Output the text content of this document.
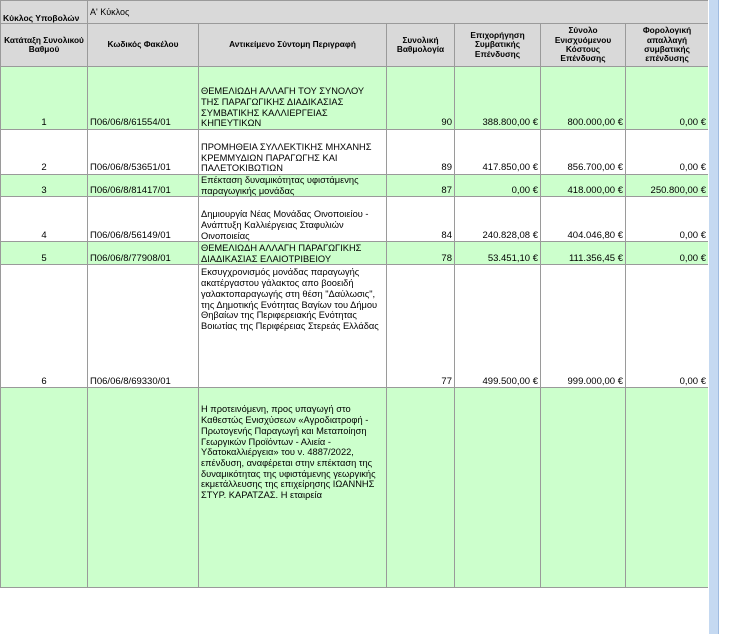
Κύκλος Υποβολών	Α' Κύκλος					
Κατάταξη Συνολικού Βαθμού	Κωδικός Φακέλου	Αντικείμενο Σύντομη Περιγραφή	Συνολική Βαθμολογία	Επιχορήγηση Συμβατικής Επένδυσης	Σύνολο Ενισχυόμενου Κόστους Επένδυσης	Φορολογική απαλλαγή συμβατικής επένδυσης
1	Π06/06/8/61554/01	ΘΕΜΕΛΙΩΔΗ ΑΛΛΑΓΗ ΤΟΥ ΣΥΝΟΛΟΥ ΤΗΣ ΠΑΡΑΓΩΓΙΚΗΣ ΔΙΑΔΙΚΑΣΙΑΣ ΣΥΜΒΑΤΙΚΗΣ ΚΑΛΛΙΕΡΓΕΙΑΣ ΚΗΠΕΥΤΙΚΩΝ	90	388.800,00 €	800.000,00 €	0,00 €
2	Π06/06/8/53651/01	ΠΡΟΜΗΘΕΙΑ ΣΥΛΛΕΚΤΙΚΗΣ ΜΗΧΑΝΗΣ ΚΡΕΜΜΥΔΙΩΝ ΠΑΡΑΓΩΓΗΣ ΚΑΙ ΠΑΛΕΤΟΚΙΒΩΤΙΩΝ	89	417.850,00 €	856.700,00 €	0,00 €
3	Π06/06/8/81417/01	Επέκταση δυναμικότητας υφιστάμενης παραγωγικής μονάδας	87	0,00 €	418.000,00 €	250.800,00 €
4	Π06/06/8/56149/01	Δημιουργία Νέας Μονάδας Οινοποιείου - Ανάπτυξη Καλλιέργειας Σταφυλιών Οινοποιείας	84	240.828,08 €	404.046,80 €	0,00 €
5	Π06/06/8/77908/01	ΘΕΜΕΛΙΩΔΗ ΑΛΛΑΓΗ ΠΑΡΑΓΩΓΙΚΗΣ ΔΙΑΔΙΚΑΣΙΑΣ ΕΛΑΙΟΤΡΙΒΕΙΟΥ	78	53.451,10 €	111.356,45 €	0,00 €
6	Π06/06/8/69330/01	Εκσυγχρονισμός μονάδας παραγωγής ακατέργαστου γάλακτος απο βοοειδή γαλακτοπαραγωγής στη θέση "Δαύλωσις", της Δημοτικής Ενότητας Βαγίων του Δήμου Θηβαίων της Περιφερειακής Ενότητας Βοιωτίας της Περιφέρειας Στερεάς Ελλάδας	77	499.500,00 €	999.000,00 €	0,00 €
		Η προτεινόμενη, προς υπαγωγή στο Καθεστώς Ενισχύσεων «Αγροδιατροφή - Πρωτογενής Παραγωγή και Μεταποίηση Γεωργικών Προϊόντων - Αλιεία - Υδατοκαλλιέργεια» του ν. 4887/2022, επένδυση, αναφέρεται στην επέκταση της δυναμικότητας της υφιστάμενης γεωργικής εκμετάλλευσης της επιχείρησης ΙΩΑΝΝΗΣ ΣΤΥΡ. ΚΑΡΑΤΖΑΣ. Η εταιρεία				
